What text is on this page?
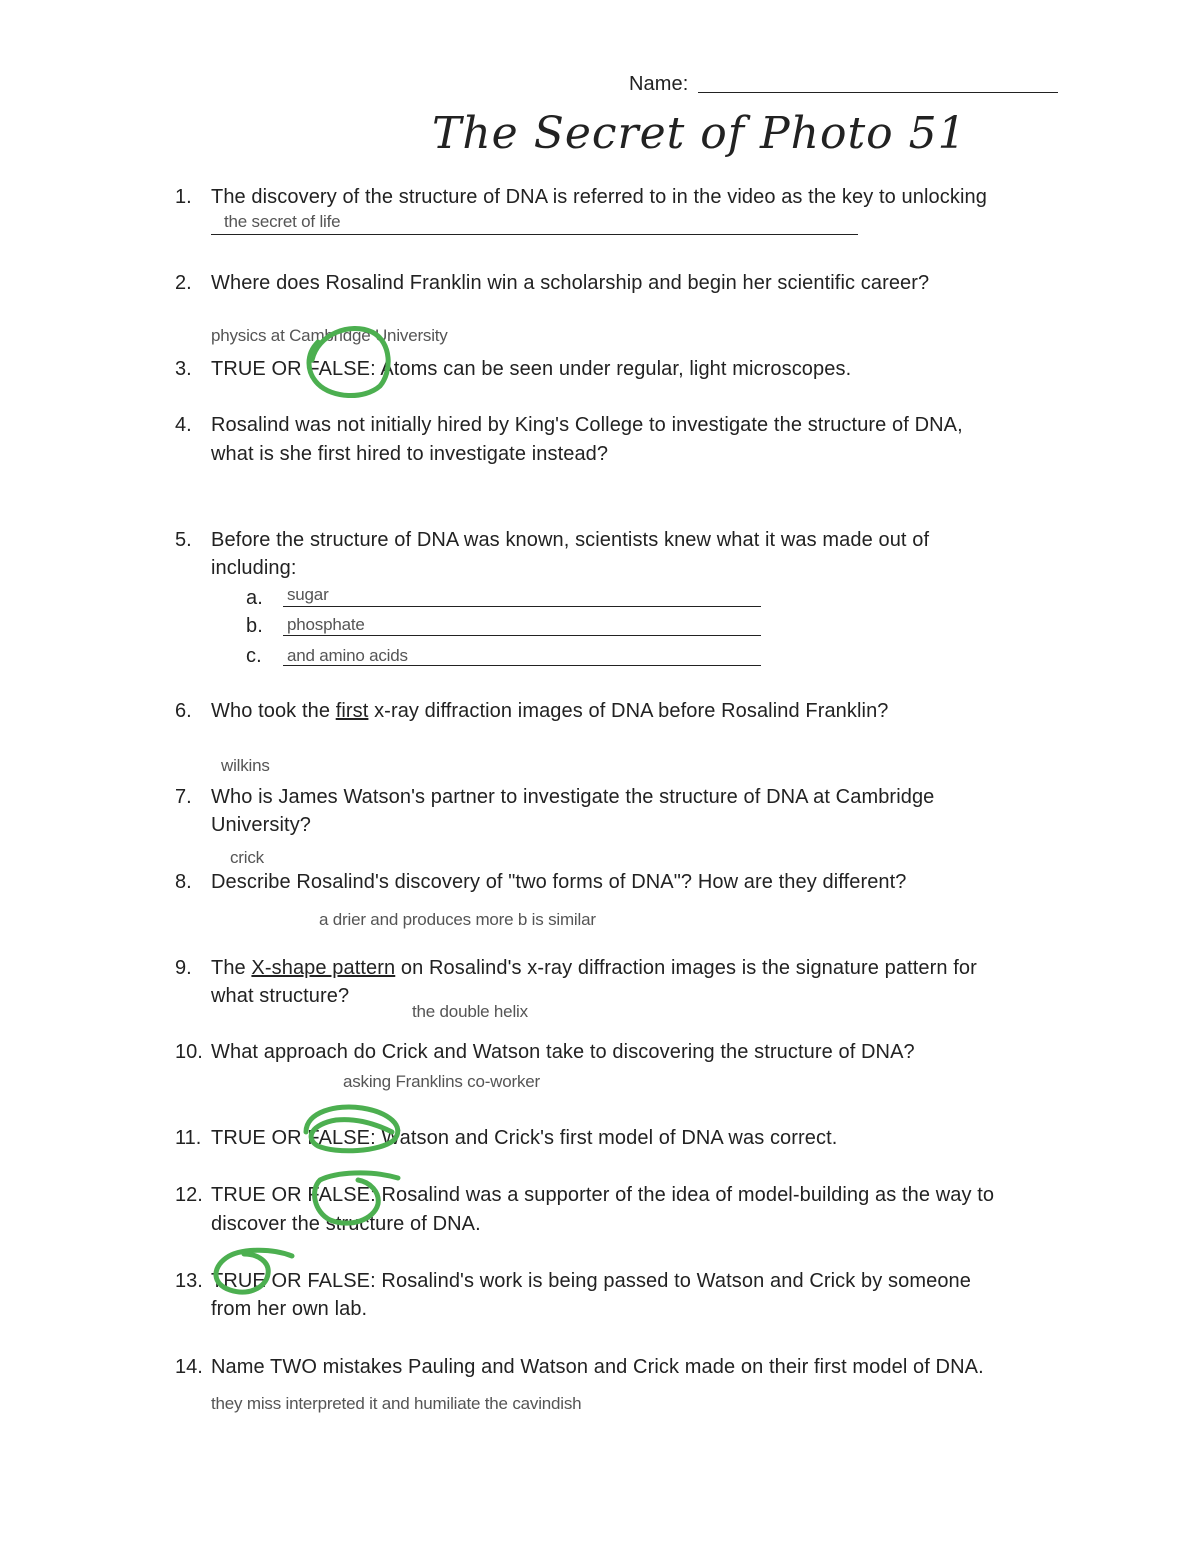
Name:
The Secret of Photo 51
1. The discovery of the structure of DNA is referred to in the video as the key to unlocking
the secret of life
2. Where does Rosalind Franklin win a scholarship and begin her scientific career?
physics at Cambridge University
3. TRUE OR FALSE: Atoms can be seen under regular, light microscopes.
4. Rosalind was not initially hired by King's College to investigate the structure of DNA,
what is she first hired to investigate instead?
5. Before the structure of DNA was known, scientists knew what it was made out of
including:
a. sugar
b. phosphate
c. and amino acids
6. Who took the first x-ray diffraction images of DNA before Rosalind Franklin?
wilkins
7. Who is James Watson's partner to investigate the structure of DNA at Cambridge
University?
crick
8. Describe Rosalind's discovery of "two forms of DNA"? How are they different?
a drier and produces more b is similar
9. The X-shape pattern on Rosalind's x-ray diffraction images is the signature pattern for
what structure?
the double helix
10. What approach do Crick and Watson take to discovering the structure of DNA?
asking Franklins co-worker
11. TRUE OR FALSE: Watson and Crick's first model of DNA was correct.
12. TRUE OR FALSE: Rosalind was a supporter of the idea of model-building as the way to
discover the structure of DNA.
13. TRUE OR FALSE: Rosalind's work is being passed to Watson and Crick by someone
from her own lab.
14. Name TWO mistakes Pauling and Watson and Crick made on their first model of DNA.
they miss interpreted it and humiliate the cavindish
